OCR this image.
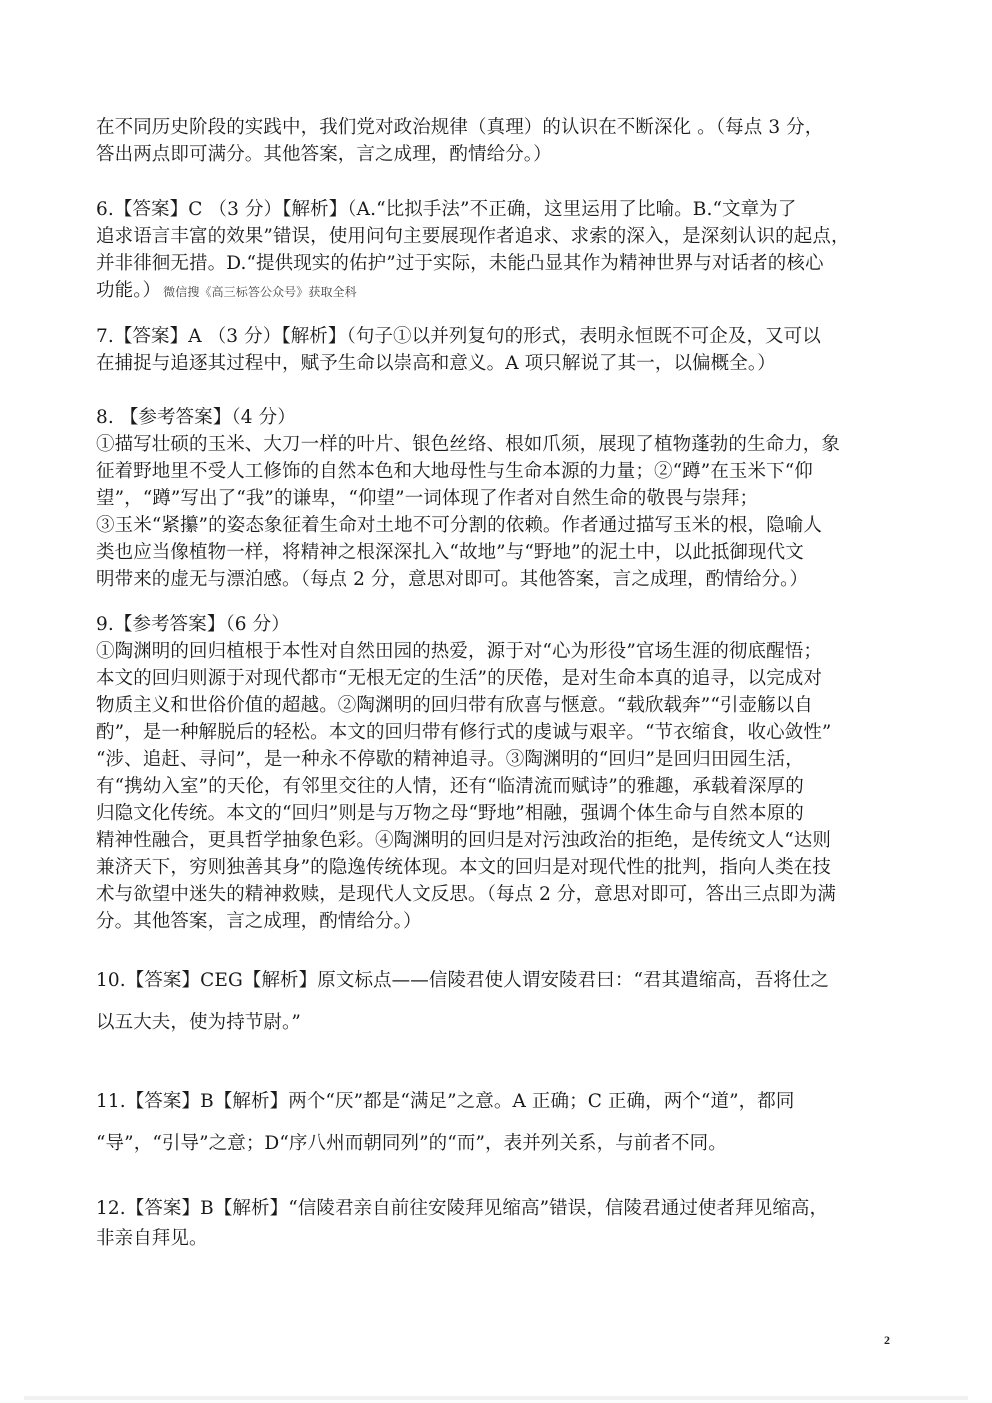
在不同历史阶段的实践中，我们党对政治规律（真理）的认识在不断深化 。（每点 3 分，
答出两点即可满分。其他答案，言之成理，酌情给分。）
6.【答案】C （3 分）【解析】（A.“比拟手法”不正确，这里运用了比喻。B.“文章为了
追求语言丰富的效果”错误，使用问句主要展现作者追求、求索的深入，是深刻认识的起点，
并非徘徊无措。D.“提供现实的佑护”过于实际，未能凸显其作为精神世界与对话者的核心
功能。） 微信搜《高三标答公众号》获取全科
7.【答案】A （3 分）【解析】（句子①以并列复句的形式，表明永恒既不可企及，又可以
在捕捉与追逐其过程中，赋予生命以崇高和意义。A 项只解说了其一，以偏概全。）
8. 【参考答案】（4 分）
①描写壮硕的玉米、大刀一样的叶片、银色丝络、根如爪须，展现了植物蓬勃的生命力，象
征着野地里不受人工修饰的自然本色和大地母性与生命本源的力量；②“蹲”在玉米下“仰
望”，“蹲”写出了“我”的谦卑，“仰望”一词体现了作者对自然生命的敬畏与崇拜；
③玉米“紧攥”的姿态象征着生命对土地不可分割的依赖。作者通过描写玉米的根，隐喻人
类也应当像植物一样，将精神之根深深扎入“故地”与“野地”的泥土中，以此抵御现代文
明带来的虚无与漂泊感。（每点 2 分，意思对即可。其他答案，言之成理，酌情给分。）
9.【参考答案】（6 分）
①陶渊明的回归植根于本性对自然田园的热爱，源于对“心为形役”官场生涯的彻底醒悟；
本文的回归则源于对现代都市“无根无定的生活”的厌倦，是对生命本真的追寻，以完成对
物质主义和世俗价值的超越。②陶渊明的回归带有欣喜与惬意。“载欣载奔”“引壶觞以自
酌”，是一种解脱后的轻松。本文的回归带有修行式的虔诚与艰辛。“节衣缩食，收心敛性”
“涉、追赶、寻问”，是一种永不停歇的精神追寻。③陶渊明的“回归”是回归田园生活，
有“携幼入室”的天伦，有邻里交往的人情，还有“临清流而赋诗”的雅趣，承载着深厚的
归隐文化传统。本文的“回归”则是与万物之母“野地”相融，强调个体生命与自然本原的
精神性融合，更具哲学抽象色彩。④陶渊明的回归是对污浊政治的拒绝，是传统文人“达则
兼济天下，穷则独善其身”的隐逸传统体现。本文的回归是对现代性的批判，指向人类在技
术与欲望中迷失的精神救赎，是现代人文反思。（每点 2 分，意思对即可，答出三点即为满
分。其他答案，言之成理，酌情给分。）
10.【答案】CEG【解析】原文标点——信陵君使人谓安陵君曰：“君其遣缩高，吾将仕之
以五大夫，使为持节尉。”
11.【答案】B【解析】两个“厌”都是“满足”之意。A 正确；C 正确，两个“道”，都同
“导”，“引导”之意；D“序八州而朝同列”的“而”，表并列关系，与前者不同。
12.【答案】B【解析】“信陵君亲自前往安陵拜见缩高”错误，信陵君通过使者拜见缩高，
非亲自拜见。
2
